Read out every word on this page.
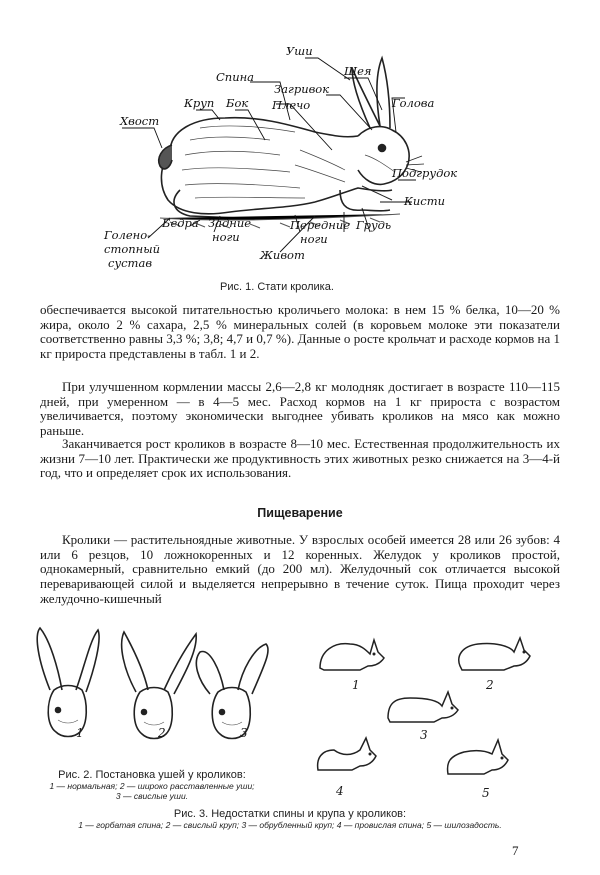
Уши
Шея
Спина
Загривок
Круп Бок Плечо	Голова
Хвост
Подгрудок
Кисти
Бедра Задние
ноги
Передние
ноги
Грудь
Голено-
стопный
сустав
Живот
Рис. 1. Стати кролика.

обеспечивается высокой питательностью кроличьего молока: в нем 15 % белка, 10—20 % жира, около 2 % сахара, 2,5 % минеральных солей (в коровьем молоке эти показатели соответственно равны 3,3 %; 3,8; 4,7 и 0,7 %). Данные о росте крольчат и расходе кормов на 1 кг прироста представлены в табл. 1 и 2.

При улучшенном кормлении массы 2,6—2,8 кг молодняк достигает в возрасте 110—115 дней, при умеренном — в 4—5 мес. Расход кормов на 1 кг прироста с возрастом увеличивается, поэтому экономически выгоднее убивать кроликов на мясо как можно раньше.

Заканчивается рост кроликов в возрасте 8—10 мес. Естественная продолжительность их жизни 7—10 лет. Практически же продуктивность этих животных резко снижается на 3—4-й год, что и определяет срок их использования.

Пищеварение

Кролики — растительноядные животные. У взрослых особей имеется 28 или 26 зубов: 4 или 6 резцов, 10 ложнокоренных и 12 коренных. Желудок у кроликов простой, однокамерный, сравнительно емкий (до 200 мл). Желудочный сок отличается высокой переваривающей силой и выделяется непрерывно в течение суток. Пища проходит через желудочно-кишечный

1	2	3
Рис. 2. Постановка ушей у кроликов:
1 — нормальная; 2 — широко расставленные уши;
3 — свислые уши.
1	2
3
4	5
Рис. 3. Недостатки спины и крупа у кроликов:
1 — горбатая спина; 2 — свислый круп; 3 — обрубленный круп; 4 — провислая спина; 5 — шилозадость.
7
